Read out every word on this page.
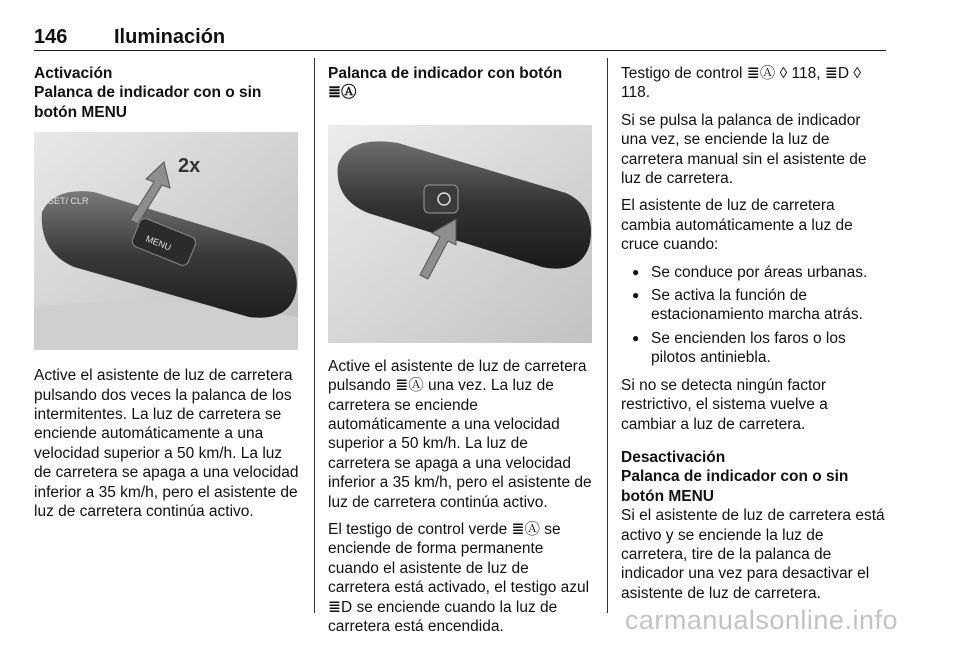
146 Iluminación
Activación
Palanca de indicador con o sin botón MENU
MENU
SET/ CLR
2x

Active el asistente de luz de carretera pulsando dos veces la palanca de los intermitentes. La luz de carretera se enciende automáticamente a una velocidad superior a 50 km/h. La luz de carretera se apaga a una velocidad inferior a 35 km/h, pero el asistente de luz de carretera continúa activo.

Palanca de indicador con botón ≣Ⓐ

Active el asistente de luz de carretera pulsando ≣Ⓐ una vez. La luz de carretera se enciende automáticamente a una velocidad superior a 50 km/h. La luz de carretera se apaga a una velocidad inferior a 35 km/h, pero el asistente de luz de carretera continúa activo.

El testigo de control verde ≣Ⓐ se enciende de forma permanente cuando el asistente de luz de carretera está activado, el testigo azul ≣D se enciende cuando la luz de carretera está encendida.

Testigo de control ≣Ⓐ ◊ 118, ≣D ◊ 118.

Si se pulsa la palanca de indicador una vez, se enciende la luz de carretera manual sin el asistente de luz de carretera.

El asistente de luz de carretera cambia automáticamente a luz de cruce cuando:

● Se conduce por áreas urbanas.
● Se activa la función de estacionamiento marcha atrás.
● Se encienden los faros o los pilotos antiniebla.

Si no se detecta ningún factor restrictivo, el sistema vuelve a cambiar a luz de carretera.

Desactivación
Palanca de indicador con o sin botón MENU

Si el asistente de luz de carretera está activo y se enciende la luz de carretera, tire de la palanca de indicador una vez para desactivar el asistente de luz de carretera.

carmanualsonline.info
